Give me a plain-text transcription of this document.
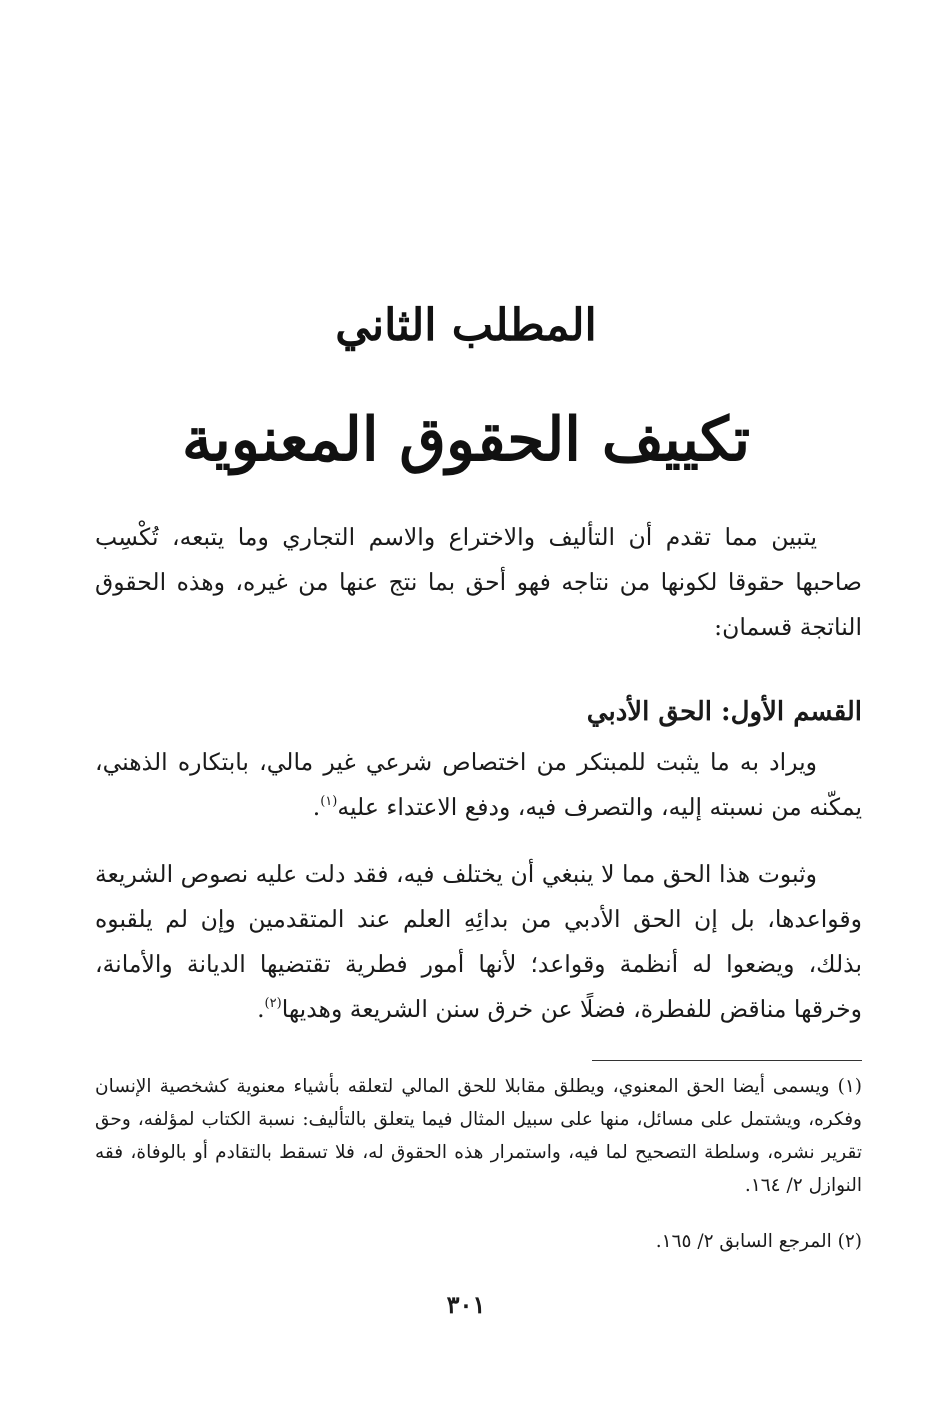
المطلب الثاني
تكييف الحقوق المعنوية

يتبين مما تقدم أن التأليف والاختراع والاسم التجاري وما يتبعه، تُكْسِب صاحبها حقوقا لكونها من نتاجه فهو أحق بما نتج عنها من غيره، وهذه الحقوق الناتجة قسمان:

القسم الأول: الحق الأدبي

ويراد به ما يثبت للمبتكر من اختصاص شرعي غير مالي، بابتكاره الذهني، يمكّنه من نسبته إليه، والتصرف فيه، ودفع الاعتداء عليه$^{(١)}$.

وثبوت هذا الحق مما لا ينبغي أن يختلف فيه، فقد دلت عليه نصوص الشريعة وقواعدها، بل إن الحق الأدبي من بدائِهِ العلم عند المتقدمين وإن لم يلقبوه بذلك، ويضعوا له أنظمة وقواعد؛ لأنها أمور فطرية تقتضيها الديانة والأمانة، وخرقها مناقض للفطرة، فضلًا عن خرق سنن الشريعة وهديها$^{(٢)}$.

(١) ويسمى أيضا الحق المعنوي، ويطلق مقابلا للحق المالي لتعلقه بأشياء معنوية كشخصية الإنسان وفكره، ويشتمل على مسائل، منها على سبيل المثال فيما يتعلق بالتأليف: نسبة الكتاب لمؤلفه، وحق تقرير نشره، وسلطة التصحيح لما فيه، واستمرار هذه الحقوق له، فلا تسقط بالتقادم أو بالوفاة، فقه النوازل ٢/ ١٦٤.

(٢) المرجع السابق ٢/ ١٦٥.

٣٠١
